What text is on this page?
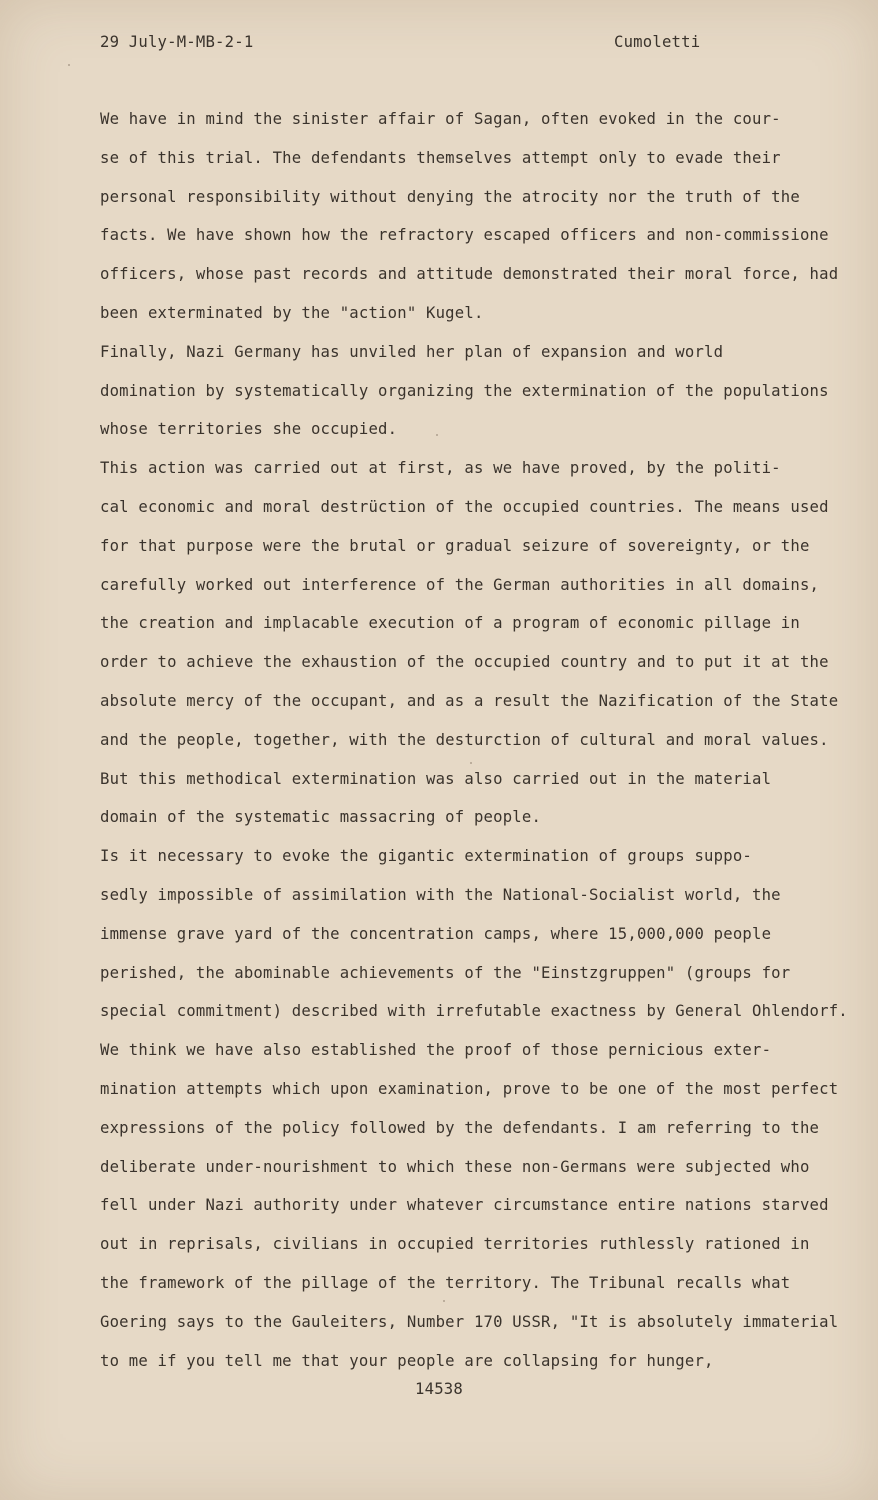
29 July-M-MB-2-1	Cumoletti
We have in mind the sinister affair of Sagan, often evoked in the cour-
se of this trial. The defendants themselves attempt only to evade their
personal responsibility without denying the atrocity nor the truth of the
facts. We have shown how the refractory escaped officers and non-commissione
officers, whose past records and attitude demonstrated their moral force, had
been exterminated by the "action" Kugel.
Finally, Nazi Germany has unviled her plan of expansion and world
domination by systematically organizing the extermination of the populations
whose territories she occupied.
This action was carried out at first, as we have proved, by the politi-
cal economic and moral destrüction of the occupied countries. The means used
for that purpose were the brutal or gradual seizure of sovereignty, or the
carefully worked out interference of the German authorities in all domains,
the creation and implacable execution of a program of economic pillage in
order to achieve the exhaustion of the occupied country and to put it at the
absolute mercy of the occupant, and as a result the Nazification of the State
and the people, together, with the desturction of cultural and moral values.
But this methodical extermination was also carried out in the material
domain of the systematic massacring of people.
Is it necessary to evoke the gigantic extermination of groups suppo-
sedly impossible of assimilation with the National-Socialist world, the
immense grave yard of the concentration camps, where 15,000,000 people
perished, the abominable achievements of the "Einstzgruppen" (groups for
special commitment) described with irrefutable exactness by General Ohlendorf.
We think we have also established the proof of those pernicious exter-
mination attempts which upon examination, prove to be one of the most perfect
expressions of the policy followed by the defendants. I am referring to the
deliberate under-nourishment to which these non-Germans were subjected who
fell under Nazi authority under whatever circumstance entire nations starved
out in reprisals, civilians in occupied territories ruthlessly rationed in
the framework of the pillage of the territory. The Tribunal recalls what
Goering says to the Gauleiters, Number 170 USSR, "It is absolutely immaterial
to me if you tell me that your people are collapsing for hunger,
14538
